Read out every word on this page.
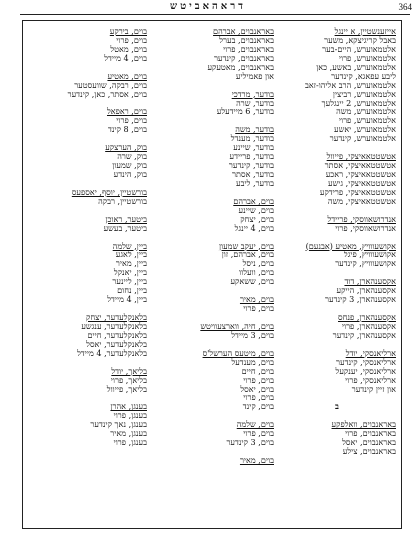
364
דראהאביטש
אייזענשטיין, א יינגל
באבל קריגיצקא, משער
אלטמאוערש, היים-בער
אלטמאוערש, פרוי
אלטמאוערש, באשע, כאן
ליבע עפאגא, קינדער
אלטמאוערש, הרב אליהו-זאב
אלטמאוערש, רביצין
אלטמאוערש, 2 יינגלעך
אלטמאוערש, משה
אלטמאוערש, פרוי
אלטמאוערש, יאשע
אלטמאוערש, קינדער
אטשטטאאיצקי, פייוול
אטשטטאאיצקי, אסתר
אטשטטאאיצקי, ראכע
אטשטטאאיצקי, גישע
אטשטטאאיצקי, פרידקע
אטשטטאאיצקי, משה
אנדרושאווסקי, פריידל
אנדרושאווסקי, פרוי
אקושעווויץ, מאטיע (אבנעם)
אקושעווויץ, פיגל
אקושעווויץ, קינדער
אקסענהארן, דוד
אקסענהארן, הייקע
אקסענהארן, 3 קינדער
אקסענהארן, פנחס
אקסענהארן, פרוי
אקסענהארן, קינדער
ארליאנסקי, יודל
ארליאנסקי, קינדער
ארליאנסקי, יענקעל
ארליאנסקי, פרוי
און זיין קינדער
ב
באראנבוים, וואלפקע
באראנבוים, פרוי
באראנבוים, יאסל
באראנבוים, צילע
באראנבוים, אברהם
באראנבוים, בערל
באראנבוים, פרוי
באראנבוים, קינדער
באראנבוים, מאטעקע
און פאמיליע
בודער, מרדכי
בודער, שרה
בודער, 6 מיידעלע
בודער, משה
בודער, מענדל
בודער, שיינע
בודער, פריידע
בודער, קינדער
בודער, אסתר
בודער, ליבע
בוים, אברהם
בוים, שיינע
בוים, יצחק
בוים, 4 יינגל
בוים, יעקב שמעון
בוים, אברהם, זון
בוים, ניסל
בוים, וועלוו
בוים, ששאקע
בוים, מאיר
בוים, פרוי
בוים, חיה, ווארצעוויטש
בוים, 3 מיידל
בוים, מיטעס הערשל'ס
בוים, מענדעל
בוים, חיים
בוים, פרוי
בוים, יאסל
בוים, פרוי
בוים, קינד
בוים, שלמה
בוים, פרוי
בוים, 3 קינדער
בוים, מאיר
בוים, בירקע
בוים, פרוי
בוים, מאטל
בוים, 4 מיידל
בוים, מאטיע
בוים, רבקה, שוועסטער
בוים, אסתר, כאן, קינדער
בוים, ראפאל
בוים, פרוי
בוים, 8 קינד
בוק, הערצקע
בוק, שרה
בוק, שמעון
בוק, הינדע
בורשטיין, יוסף, יאספעס
בורשטיין, רבקה
ביטער, ראוכן
ביטער, בעשע
ביין, שלמה
ביין, לאגע
ביין, מאיר
ביין, יאנקל
ביין, ליינער
ביין, נחום
ביין, 4 מיידל
בלאנקלעדער, יצחק
בלאנקלעדער, ענגשע
בלאנקלעדער, חיים
בלאנקלעדער, יאסל
בלאנקלעדער, 4 מיידל
בליאך, יודל
בליאך, פרוי
בליאך, פייוול
בענגן, אהרן
בענגן, פרוי
בענגן, נאך קינדער
בענגן, מאיר
בענגן, פרוי
